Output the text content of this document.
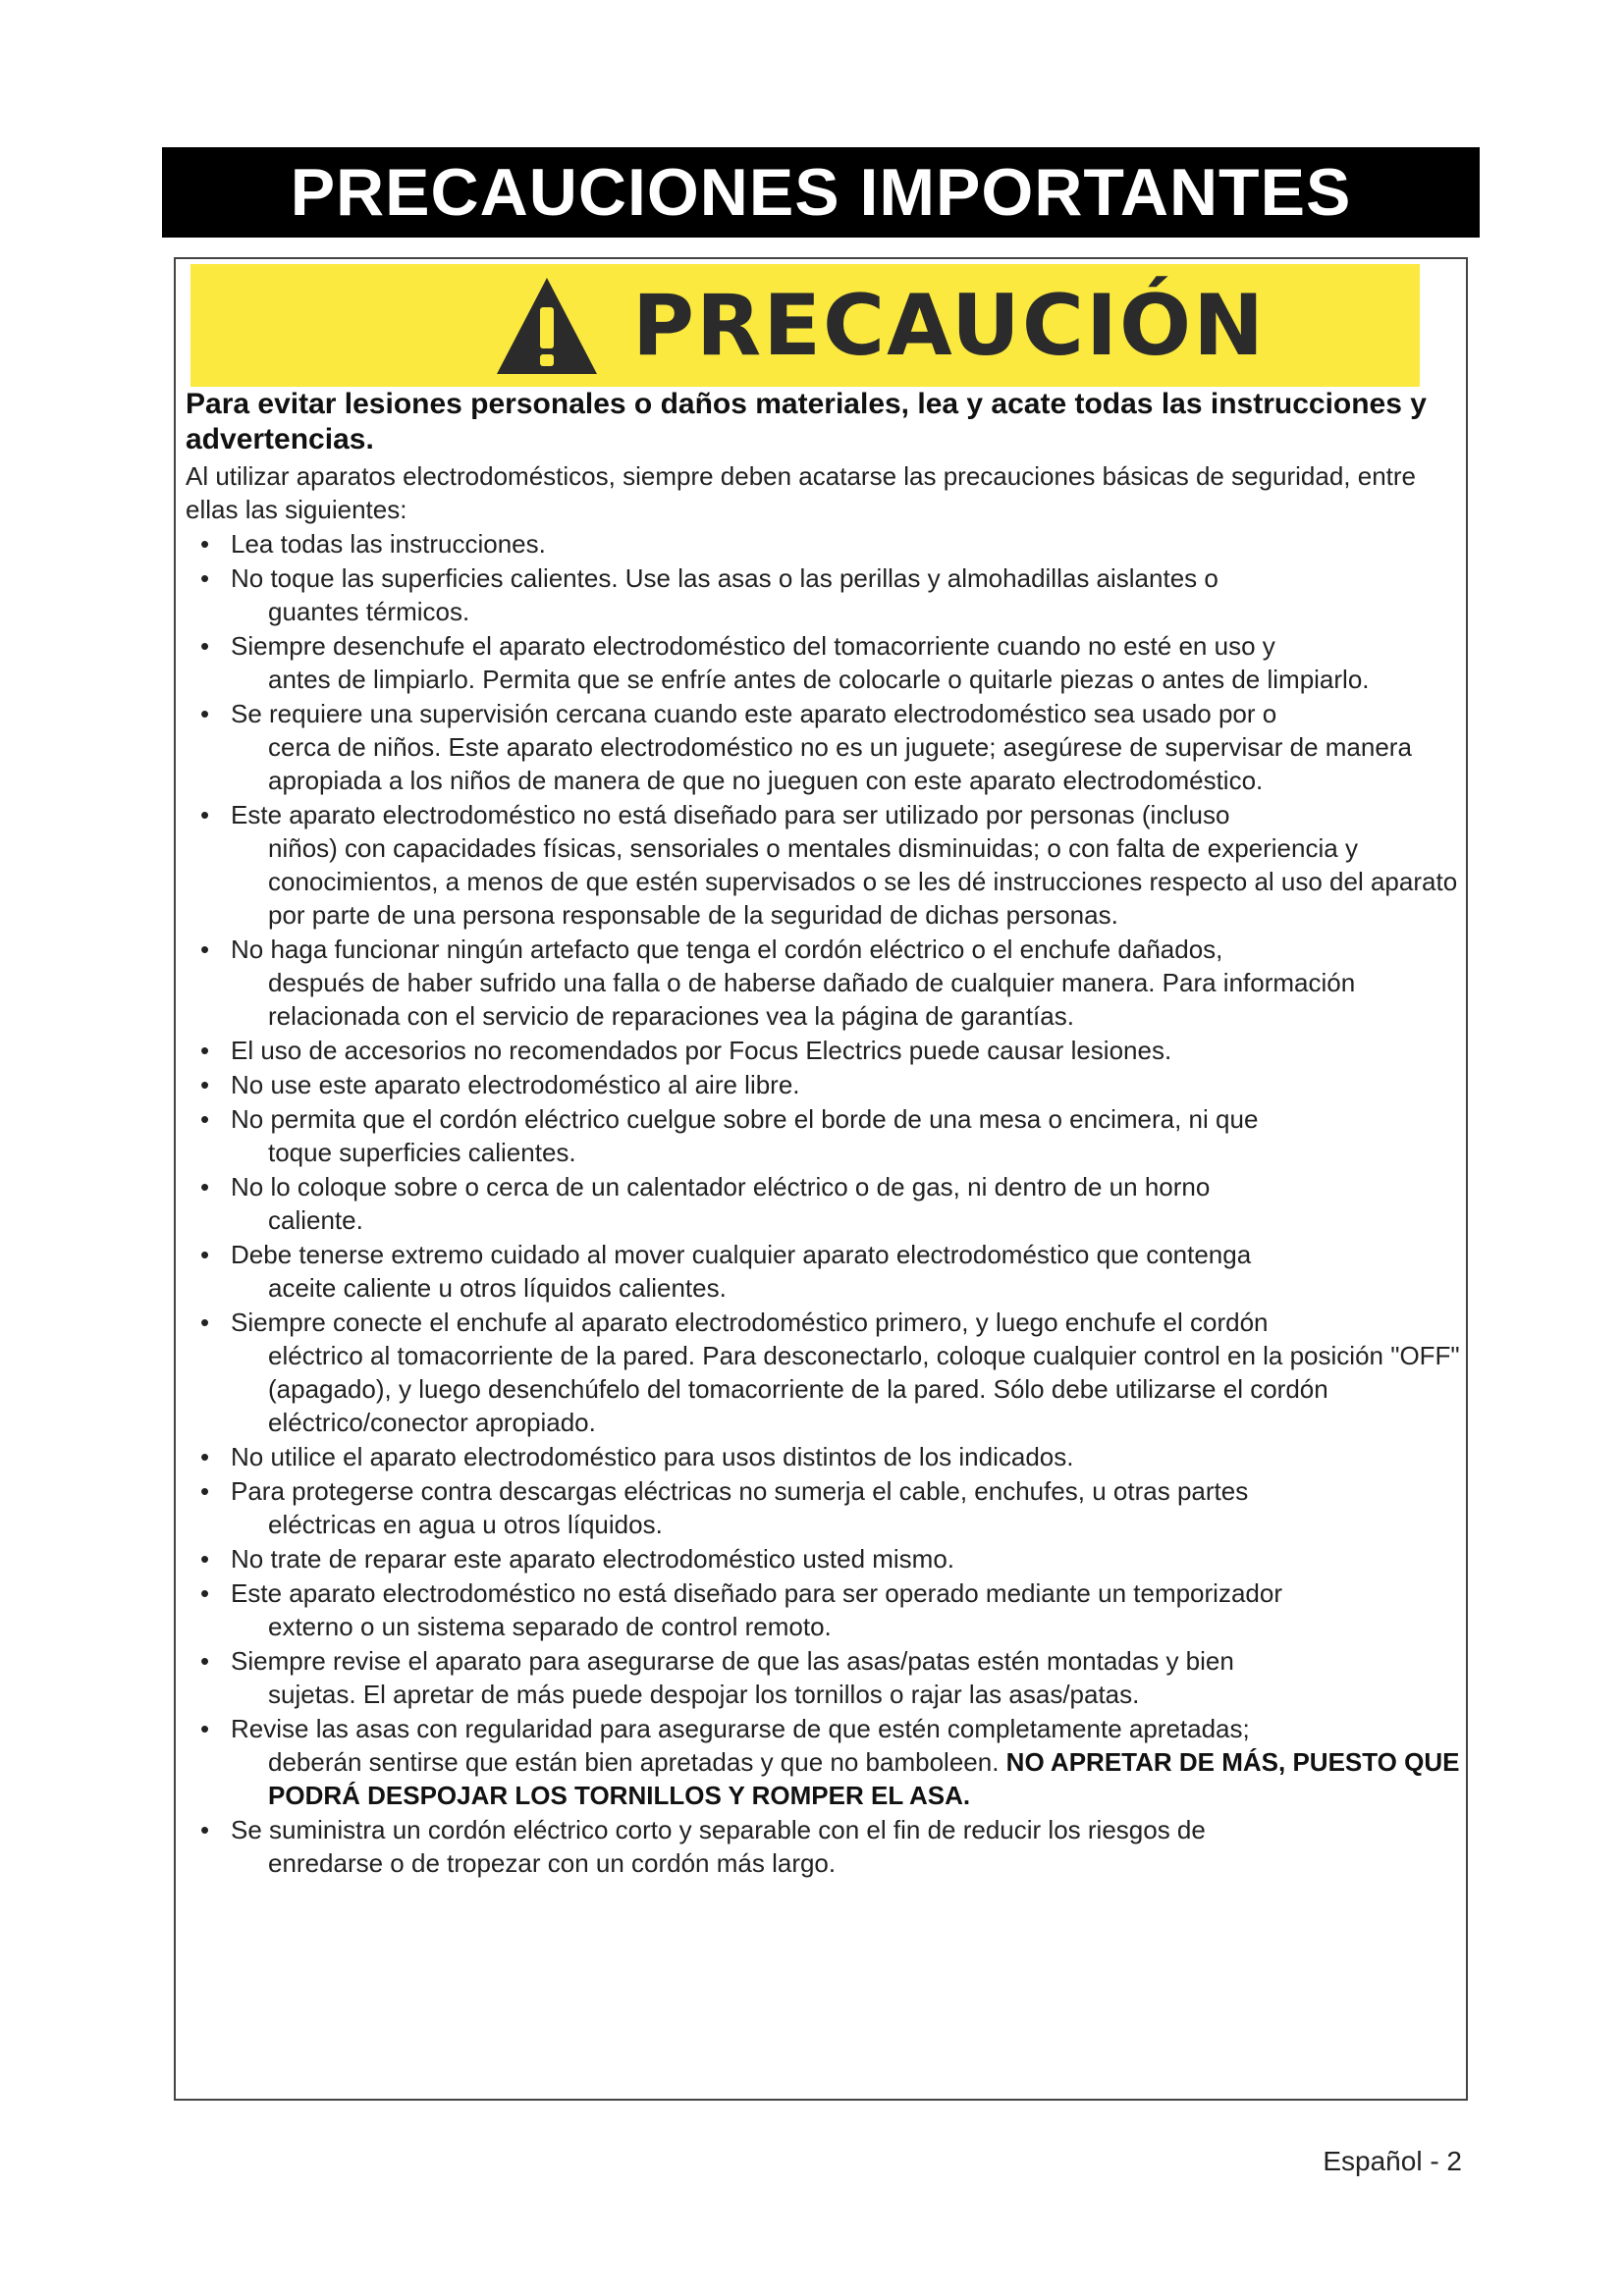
PRECAUCIONES IMPORTANTES
PRECAUCIÓN

Para evitar lesiones personales o daños materiales, lea y acate todas las instrucciones y advertencias.

Al utilizar aparatos electrodomésticos, siempre deben acatarse las precauciones básicas de seguridad, entre ellas las siguientes:

• Lea todas las instrucciones.
• No toque las superficies calientes. Use las asas o las perillas y almohadillas aislantes o
guantes térmicos.
• Siempre desenchufe el aparato electrodoméstico del tomacorriente cuando no esté en uso y
antes de limpiarlo. Permita que se enfríe antes de colocarle o quitarle piezas o antes de limpiarlo.
• Se requiere una supervisión cercana cuando este aparato electrodoméstico sea usado por o
cerca de niños. Este aparato electrodoméstico no es un juguete; asegúrese de supervisar de manera apropiada a los niños de manera de que no jueguen con este aparato electrodoméstico.
• Este aparato electrodoméstico no está diseñado para ser utilizado por personas (incluso
niños) con capacidades físicas, sensoriales o mentales disminuidas; o con falta de experiencia y conocimientos, a menos de que estén supervisados o se les dé instrucciones respecto al uso del aparato por parte de una persona responsable de la seguridad de dichas personas.
• No haga funcionar ningún artefacto que tenga el cordón eléctrico o el enchufe dañados,
después de haber sufrido una falla o de haberse dañado de cualquier manera. Para información relacionada con el servicio de reparaciones vea la página de garantías.
• El uso de accesorios no recomendados por Focus Electrics puede causar lesiones.
• No use este aparato electrodoméstico al aire libre.
• No permita que el cordón eléctrico cuelgue sobre el borde de una mesa o encimera, ni que
toque superficies calientes.
• No lo coloque sobre o cerca de un calentador eléctrico o de gas, ni dentro de un horno
caliente.
• Debe tenerse extremo cuidado al mover cualquier aparato electrodoméstico que contenga
aceite caliente u otros líquidos calientes.
• Siempre conecte el enchufe al aparato electrodoméstico primero, y luego enchufe el cordón
eléctrico al tomacorriente de la pared. Para desconectarlo, coloque cualquier control en la posición "OFF" (apagado), y luego desenchúfelo del tomacorriente de la pared. Sólo debe utilizarse el cordón eléctrico/conector apropiado.
• No utilice el aparato electrodoméstico para usos distintos de los indicados.
• Para protegerse contra descargas eléctricas no sumerja el cable, enchufes, u otras partes
eléctricas en agua u otros líquidos.
• No trate de reparar este aparato electrodoméstico usted mismo.
• Este aparato electrodoméstico no está diseñado para ser operado mediante un temporizador
externo o un sistema separado de control remoto.
• Siempre revise el aparato para asegurarse de que las asas/patas estén montadas y bien
sujetas. El apretar de más puede despojar los tornillos o rajar las asas/patas.
• Revise las asas con regularidad para asegurarse de que estén completamente apretadas;
deberán sentirse que están bien apretadas y que no bamboleen. NO APRETAR DE MÁS, PUESTO QUE PODRÁ DESPOJAR LOS TORNILLOS Y ROMPER EL ASA.
• Se suministra un cordón eléctrico corto y separable con el fin de reducir los riesgos de
enredarse o de tropezar con un cordón más largo.
Español - 2
